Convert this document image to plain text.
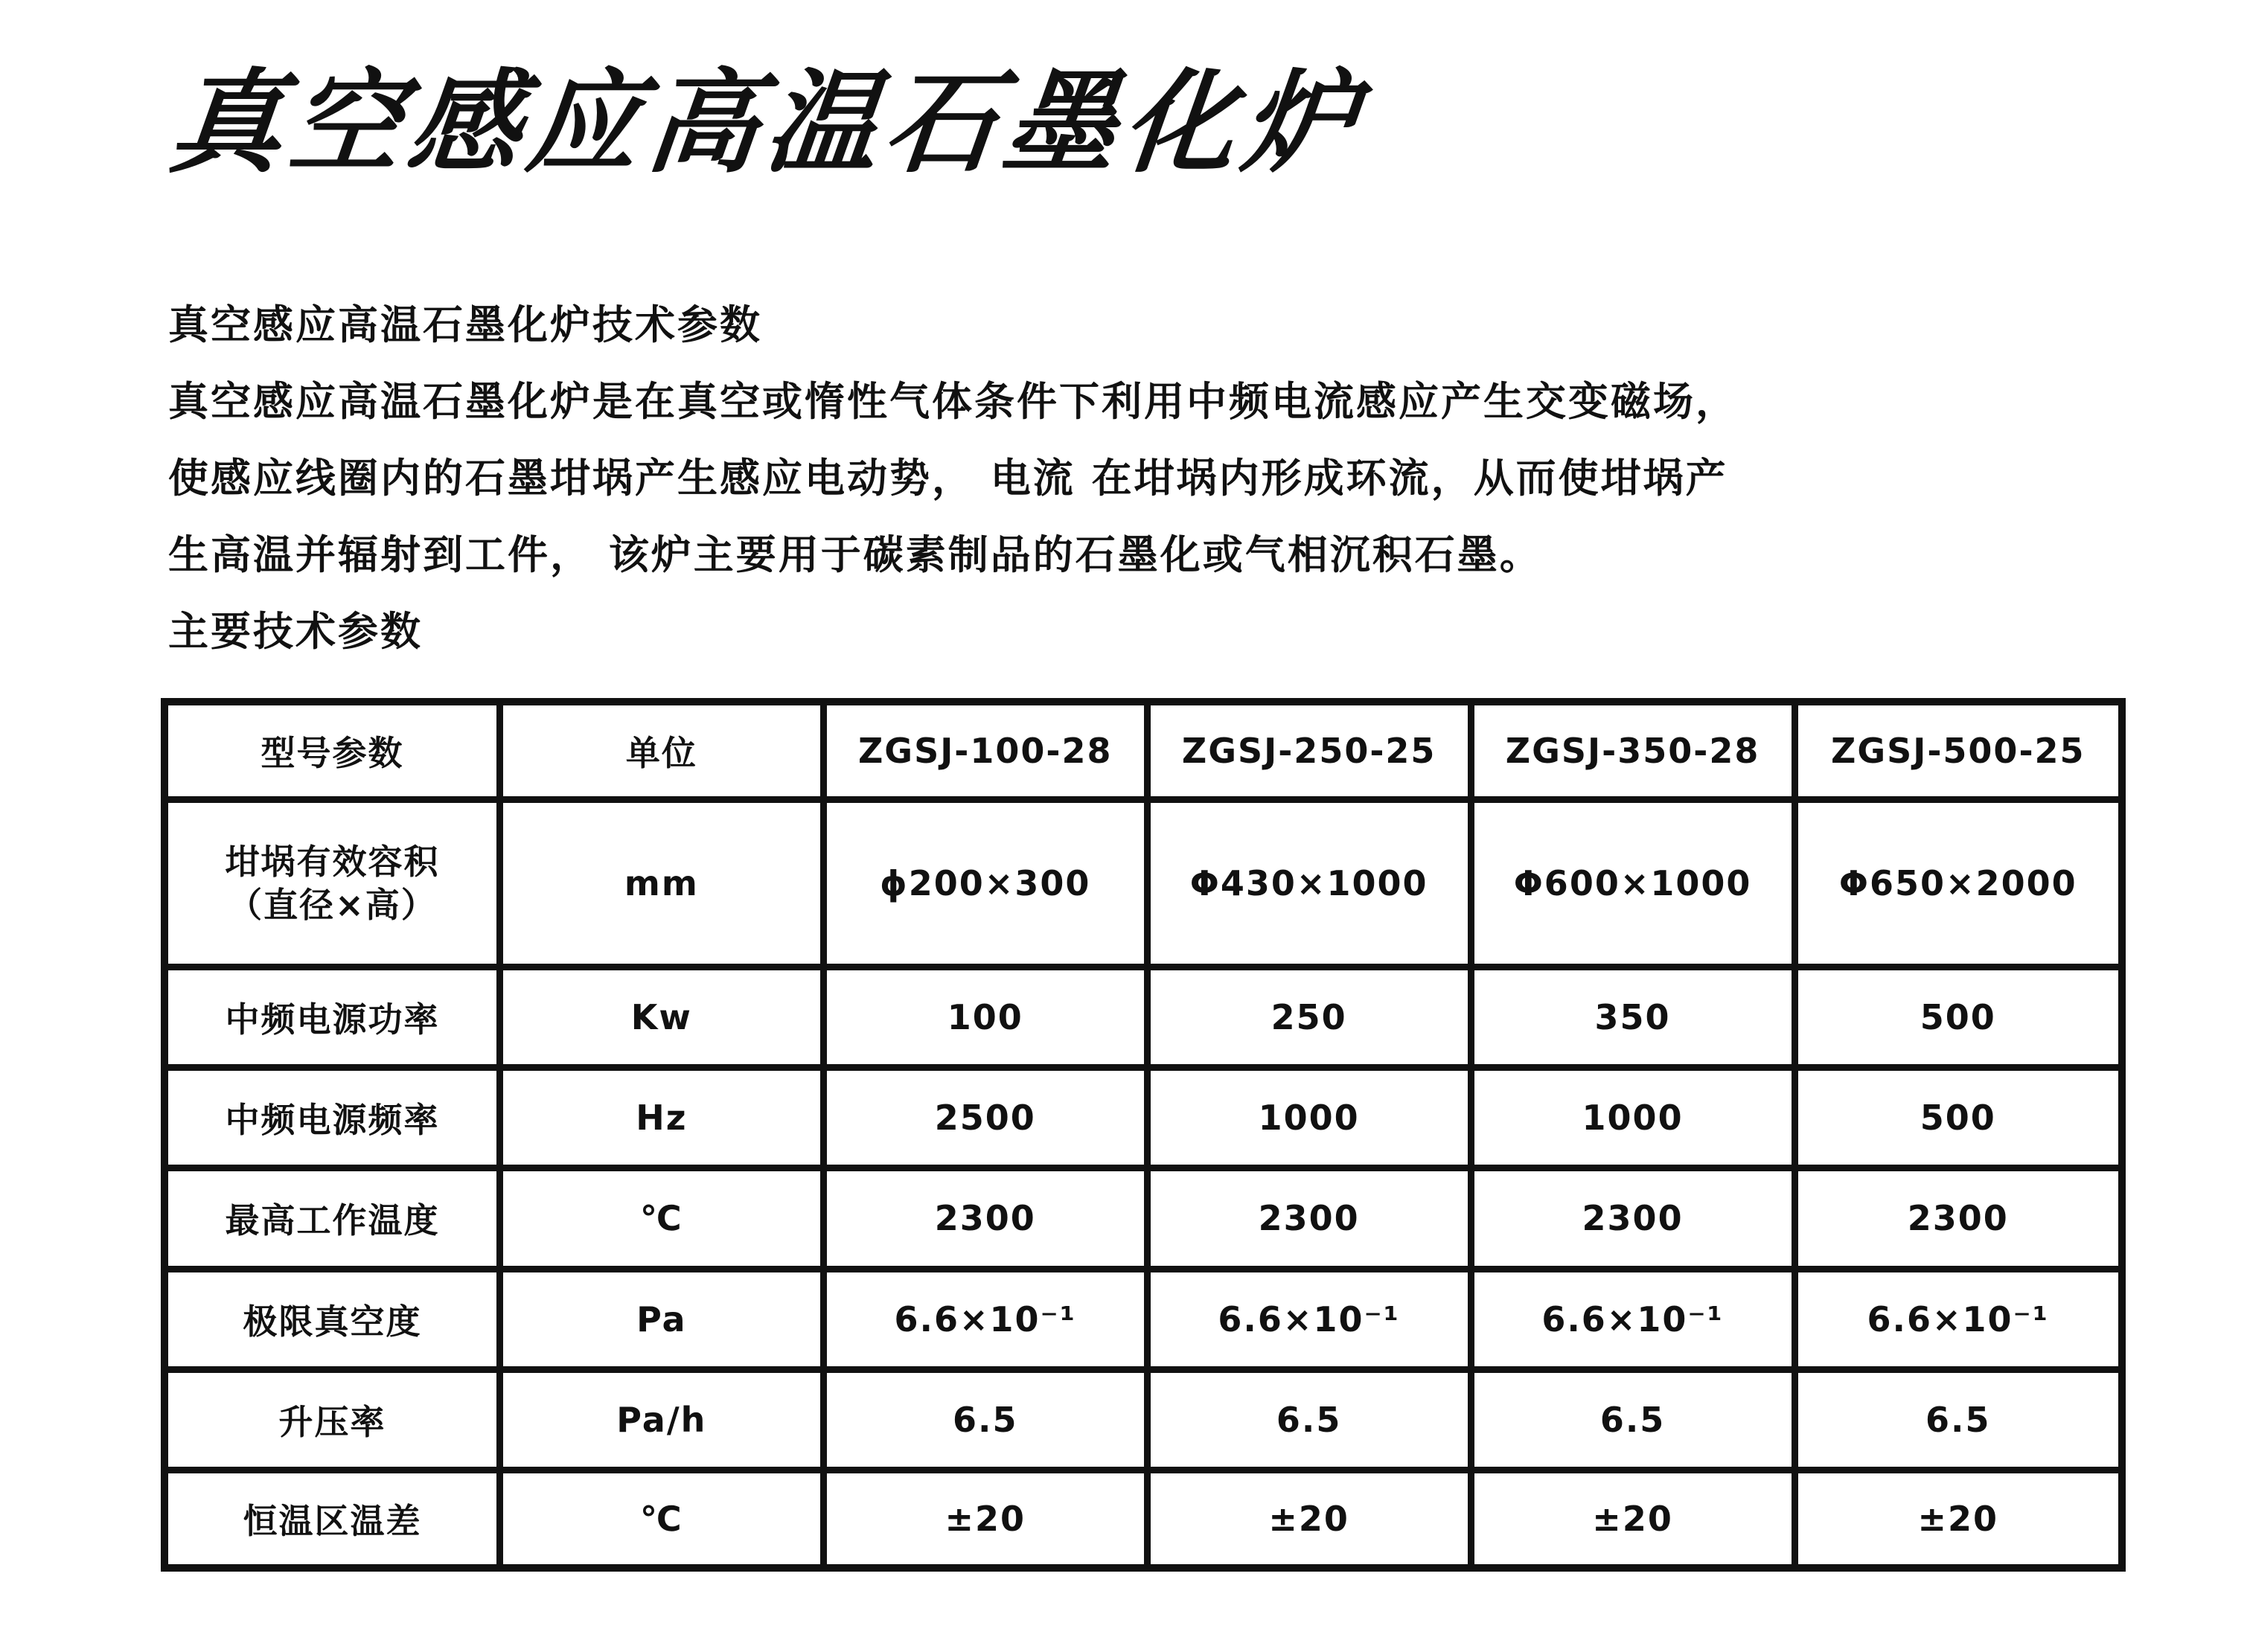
真空感应高温石墨化炉
真空感应高温石墨化炉技术参数
真空感应高温石墨化炉是在真空或惰性气体条件下利用中频电流感应产生交变磁场，
使感应线圈内的石墨坩埚产生感应电动势， 电流 在坩埚内形成环流，从而使坩埚产
生高温并辐射到工件， 该炉主要用于碳素制品的石墨化或气相沉积石墨。
主要技术参数
型号参数	单位	ZGSJ-100-28	ZGSJ-250-25	ZGSJ-350-28	ZGSJ-500-25

坩埚有效容积
（直径×高）	mm	ϕ200×300	Φ430×1000	Φ600×1000	Φ650×2000
中频电源功率	Kw	100	250	350	500
中频电源频率	Hz	2500	1000	1000	500
最高工作温度	℃	2300	2300	2300	2300
极限真空度	Pa	6.6×10⁻¹	6.6×10⁻¹	6.6×10⁻¹	6.6×10⁻¹
升压率	Pa/h	6.5	6.5	6.5	6.5
恒温区温差	℃	±20	±20	±20	±20
